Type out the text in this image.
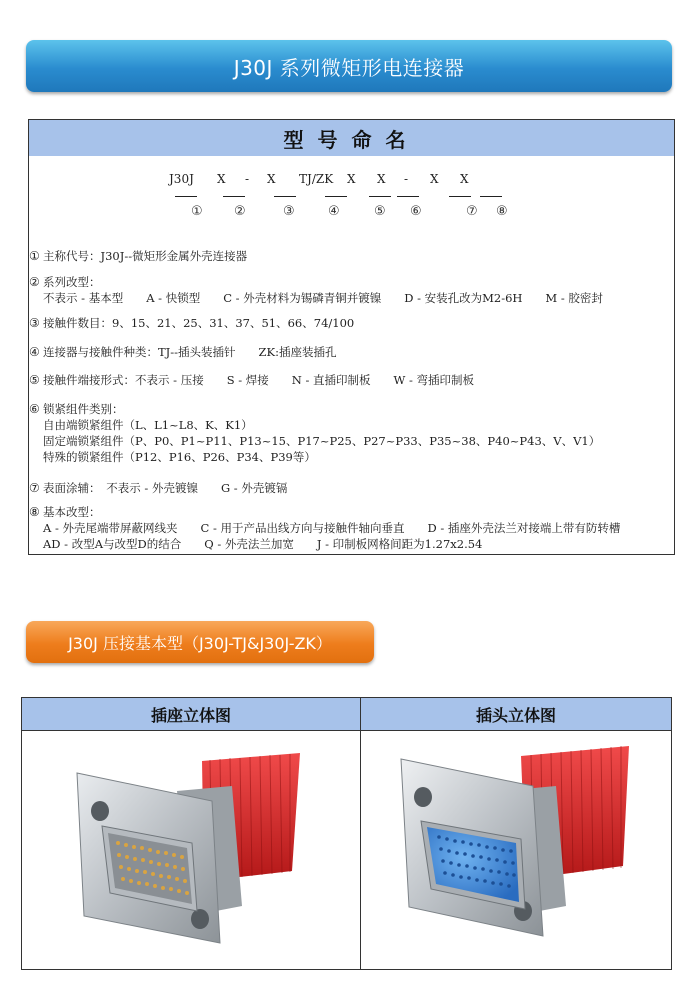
J30J 系列微矩形电连接器
型号命名
J30J X - X TJ/ZK X X - X X
① ②	③	④	⑤ ⑥	⑦ ⑧
① 主称代号：J30J--微矩形金属外壳连接器
② 系列改型：
不表示 - 基本型　　A - 快锁型　　C - 外壳材料为锡磷青铜并镀镍　　D - 安装孔改为M2-6H　　M - 胶密封
③ 接触件数目：9、15、21、25、31、37、51、66、74/100
④ 连接器与接触件种类：TJ--插头装插针　　ZK:插座装插孔
⑤ 接触件端接形式：不表示 - 压接　　S - 焊接　　N - 直插印制板　　W - 弯插印制板
⑥ 锁紧组件类别：
自由端锁紧组件（L、L1~L8、K、K1）
固定端锁紧组件（P、P0、P1~P11、P13~15、P17~P25、P27~P33、P35~38、P40~P43、V、V1）
特殊的锁紧组件（P12、P16、P26、P34、P39等）
⑦ 表面涂辅：　不表示 - 外壳镀镍　　G - 外壳镀镉
⑧ 基本改型：
A - 外壳尾端带屏蔽网线夹　　C - 用于产品出线方向与接触件轴向垂直　　D - 插座外壳法兰对接端上带有防转槽
AD - 改型A与改型D的结合　　Q - 外壳法兰加宽　　J - 印制板网格间距为1.27x2.54
J30J 压接基本型（J30J-TJ&J30J-ZK）
插座立体图	插头立体图
